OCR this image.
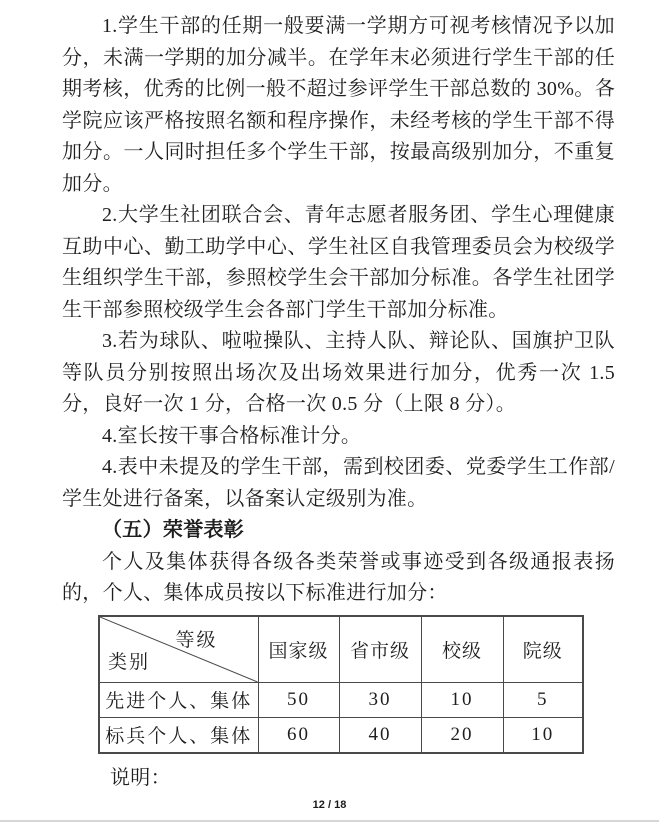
1.学生干部的任期一般要满一学期方可视考核情况予以加分，未满一学期的加分减半。在学年末必须进行学生干部的任期考核，优秀的比例一般不超过参评学生干部总数的 30%。各学院应该严格按照名额和程序操作，未经考核的学生干部不得加分。一人同时担任多个学生干部，按最高级别加分，不重复加分。

2.大学生社团联合会、青年志愿者服务团、学生心理健康互助中心、勤工助学中心、学生社区自我管理委员会为校级学生组织学生干部，参照校学生会干部加分标准。各学生社团学生干部参照校级学生会各部门学生干部加分标准。

3.若为球队、啦啦操队、主持人队、辩论队、国旗护卫队等队员分别按照出场次及出场效果进行加分，优秀一次 1.5 分，良好一次 1 分，合格一次 0.5 分（上限 8 分）。

4.室长按干事合格标准计分。

4.表中未提及的学生干部，需到校团委、党委学生工作部/学生处进行备案，以备案认定级别为准。

（五）荣誉表彰

个人及集体获得各级各类荣誉或事迹受到各级通报表扬的，个人、集体成员按以下标准进行加分：

等级
类别	国家级	省市级	校级	院级
先进个人、集体	50	30	10	5
标兵个人、集体	60	40	20	10

说明：

12 / 18
